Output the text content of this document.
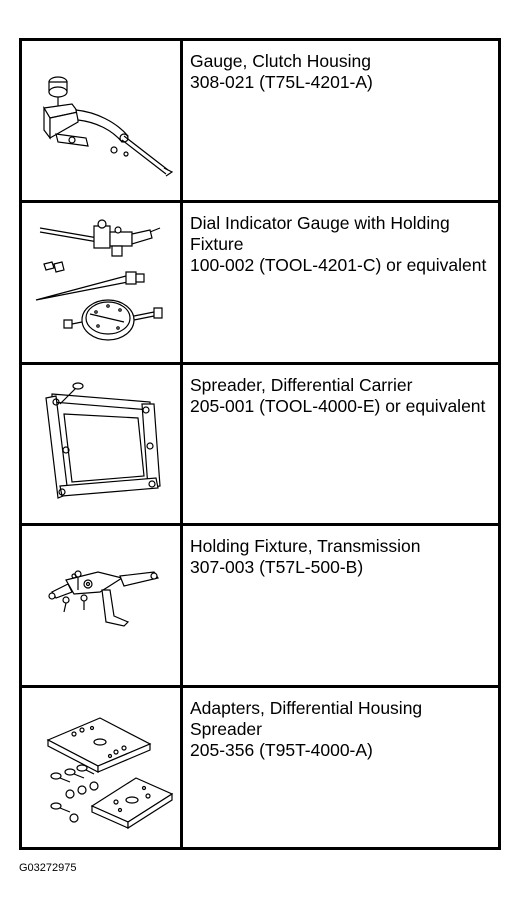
Gauge, Clutch Housing
308-021 (T75L-4201-A)
Dial Indicator Gauge with Holding Fixture
100-002 (TOOL-4201-C) or equivalent
Spreader, Differential Carrier
205-001 (TOOL-4000-E) or equivalent
Holding Fixture, Transmission
307-003 (T57L-500-B)
Adapters, Differential Housing Spreader
205-356 (T95T-4000-A)
G03272975
